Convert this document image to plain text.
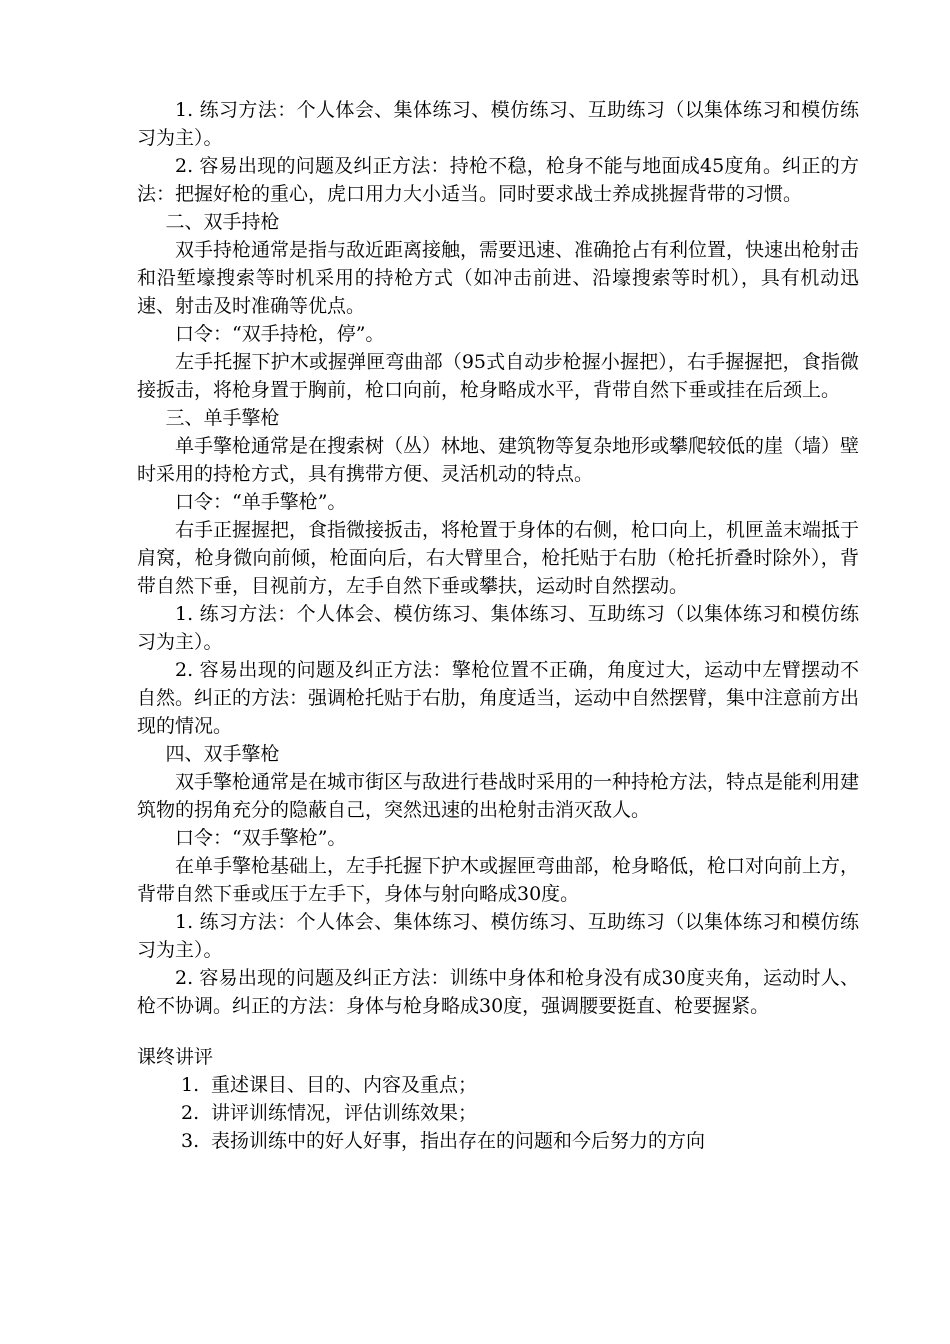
1. 练习方法：个人体会、集体练习、模仿练习、互助练习（以集体练习和模仿练习为主）。

2. 容易出现的问题及纠正方法：持枪不稳，枪身不能与地面成45度角。纠正的方法：把握好枪的重心，虎口用力大小适当。同时要求战士养成挑握背带的习惯。

二、双手持枪

双手持枪通常是指与敌近距离接触，需要迅速、准确抢占有利位置，快速出枪射击和沿堑壕搜索等时机采用的持枪方式（如冲击前进、沿壕搜索等时机），具有机动迅速、射击及时准确等优点。

口令：“双手持枪，停”。

左手托握下护木或握弹匣弯曲部（95式自动步枪握小握把），右手握握把，食指微接扳击，将枪身置于胸前，枪口向前，枪身略成水平，背带自然下垂或挂在后颈上。

三、单手擎枪

单手擎枪通常是在搜索树（丛）林地、建筑物等复杂地形或攀爬较低的崖（墙）壁时采用的持枪方式，具有携带方便、灵活机动的特点。

口令：“单手擎枪”。

右手正握握把，食指微接扳击，将枪置于身体的右侧，枪口向上，机匣盖末端抵于肩窝，枪身微向前倾，枪面向后，右大臂里合，枪托贴于右肋（枪托折叠时除外），背带自然下垂，目视前方，左手自然下垂或攀扶，运动时自然摆动。

1. 练习方法：个人体会、模仿练习、集体练习、互助练习（以集体练习和模仿练习为主）。

2. 容易出现的问题及纠正方法：擎枪位置不正确，角度过大，运动中左臂摆动不自然。纠正的方法：强调枪托贴于右肋，角度适当，运动中自然摆臂，集中注意前方出现的情况。

四、双手擎枪

双手擎枪通常是在城市街区与敌进行巷战时采用的一种持枪方法，特点是能利用建筑物的拐角充分的隐蔽自己，突然迅速的出枪射击消灭敌人。

口令：“双手擎枪”。

在单手擎枪基础上，左手托握下护木或握匣弯曲部，枪身略低，枪口对向前上方，背带自然下垂或压于左手下，身体与射向略成30度。

1. 练习方法：个人体会、集体练习、模仿练习、互助练习（以集体练习和模仿练习为主）。

2. 容易出现的问题及纠正方法：训练中身体和枪身没有成30度夹角，运动时人、枪不协调。纠正的方法：身体与枪身略成30度，强调腰要挺直、枪要握紧。

课终讲评

1. 重述课目、目的、内容及重点；

2. 讲评训练情况，评估训练效果；

3. 表扬训练中的好人好事，指出存在的问题和今后努力的方向
